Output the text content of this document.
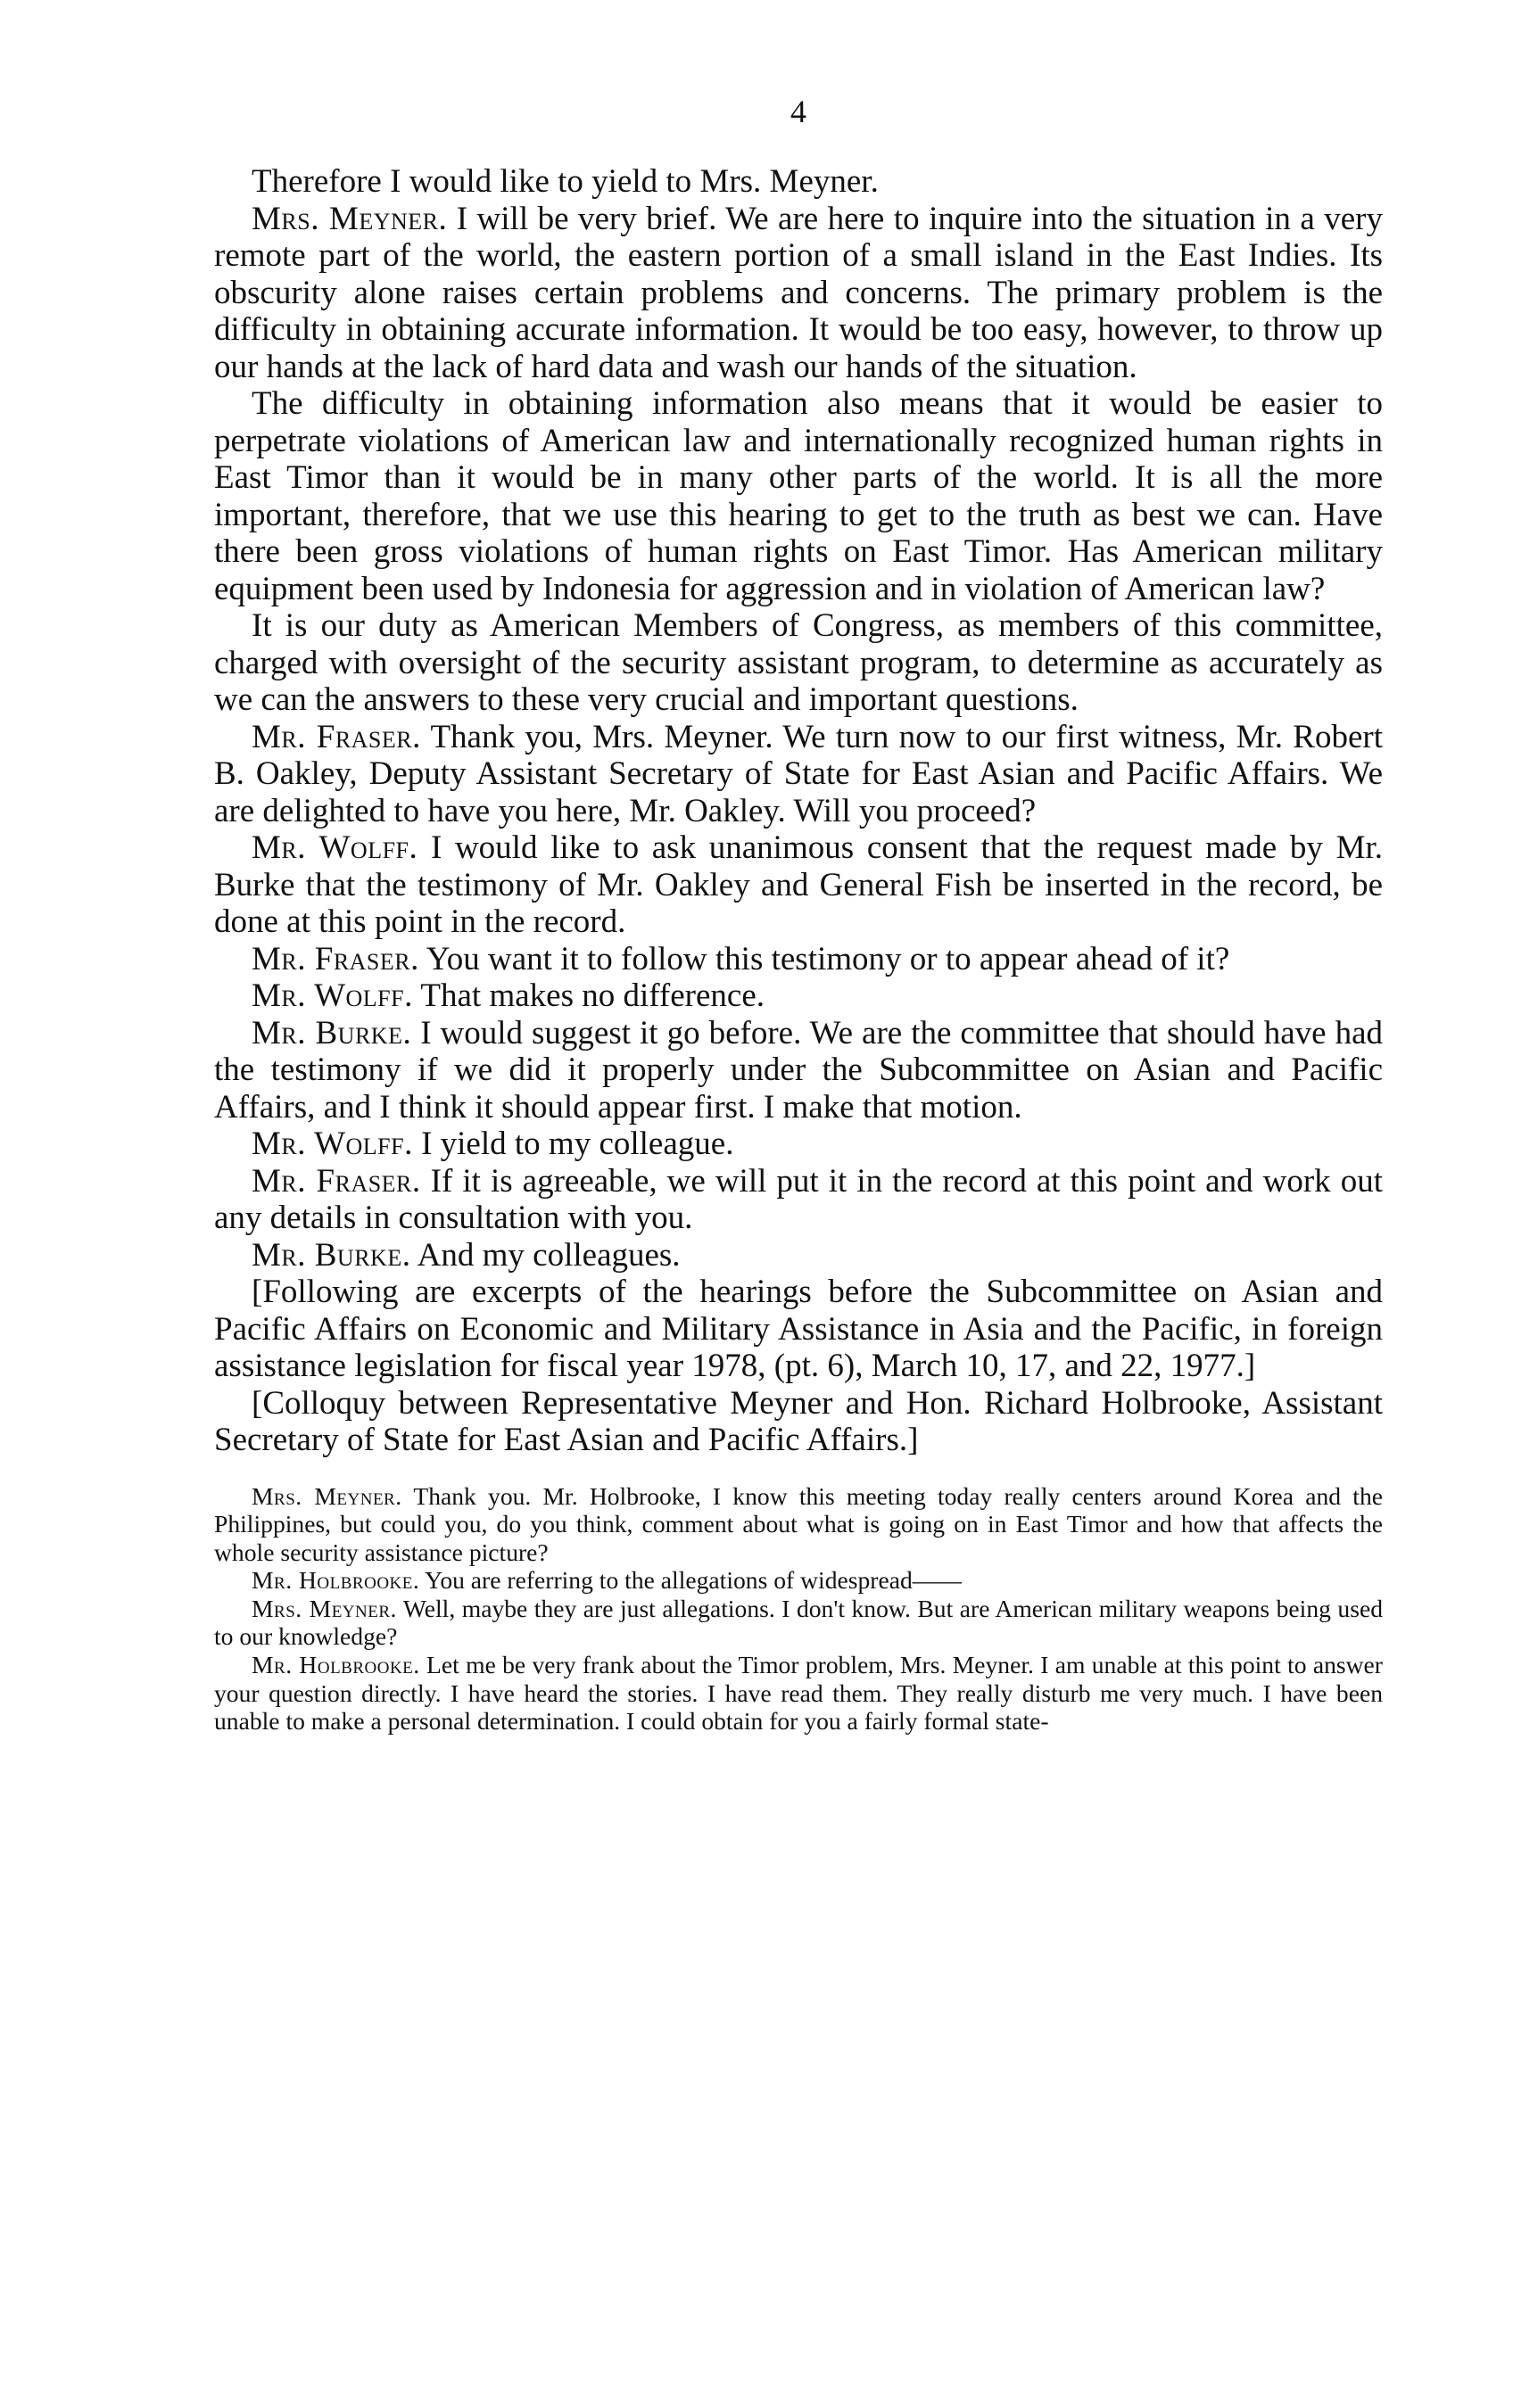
4

Therefore I would like to yield to Mrs. Meyner.

Mrs. Meyner. I will be very brief. We are here to inquire into the situation in a very remote part of the world, the eastern portion of a small island in the East Indies. Its obscurity alone raises certain problems and concerns. The primary problem is the difficulty in obtaining accurate information. It would be too easy, however, to throw up our hands at the lack of hard data and wash our hands of the situation.

The difficulty in obtaining information also means that it would be easier to perpetrate violations of American law and internationally recognized human rights in East Timor than it would be in many other parts of the world. It is all the more important, therefore, that we use this hearing to get to the truth as best we can. Have there been gross violations of human rights on East Timor. Has American military equipment been used by Indonesia for aggression and in violation of American law?

It is our duty as American Members of Congress, as members of this committee, charged with oversight of the security assistant program, to determine as accurately as we can the answers to these very crucial and important questions.

Mr. Fraser. Thank you, Mrs. Meyner. We turn now to our first witness, Mr. Robert B. Oakley, Deputy Assistant Secretary of State for East Asian and Pacific Affairs. We are delighted to have you here, Mr. Oakley. Will you proceed?

Mr. Wolff. I would like to ask unanimous consent that the request made by Mr. Burke that the testimony of Mr. Oakley and General Fish be inserted in the record, be done at this point in the record.

Mr. Fraser. You want it to follow this testimony or to appear ahead of it?

Mr. Wolff. That makes no difference.

Mr. Burke. I would suggest it go before. We are the committee that should have had the testimony if we did it properly under the Subcommittee on Asian and Pacific Affairs, and I think it should appear first. I make that motion.

Mr. Wolff. I yield to my colleague.

Mr. Fraser. If it is agreeable, we will put it in the record at this point and work out any details in consultation with you.

Mr. Burke. And my colleagues.

[Following are excerpts of the hearings before the Subcommittee on Asian and Pacific Affairs on Economic and Military Assistance in Asia and the Pacific, in foreign assistance legislation for fiscal year 1978, (pt. 6), March 10, 17, and 22, 1977.]

[Colloquy between Representative Meyner and Hon. Richard Holbrooke, Assistant Secretary of State for East Asian and Pacific Affairs.]

Mrs. Meyner. Thank you. Mr. Holbrooke, I know this meeting today really centers around Korea and the Philippines, but could you, do you think, comment about what is going on in East Timor and how that affects the whole security assistance picture?

Mr. Holbrooke. You are referring to the allegations of widespread——

Mrs. Meyner. Well, maybe they are just allegations. I don't know. But are American military weapons being used to our knowledge?

Mr. Holbrooke. Let me be very frank about the Timor problem, Mrs. Meyner. I am unable at this point to answer your question directly. I have heard the stories. I have read them. They really disturb me very much. I have been unable to make a personal determination. I could obtain for you a fairly formal state-
